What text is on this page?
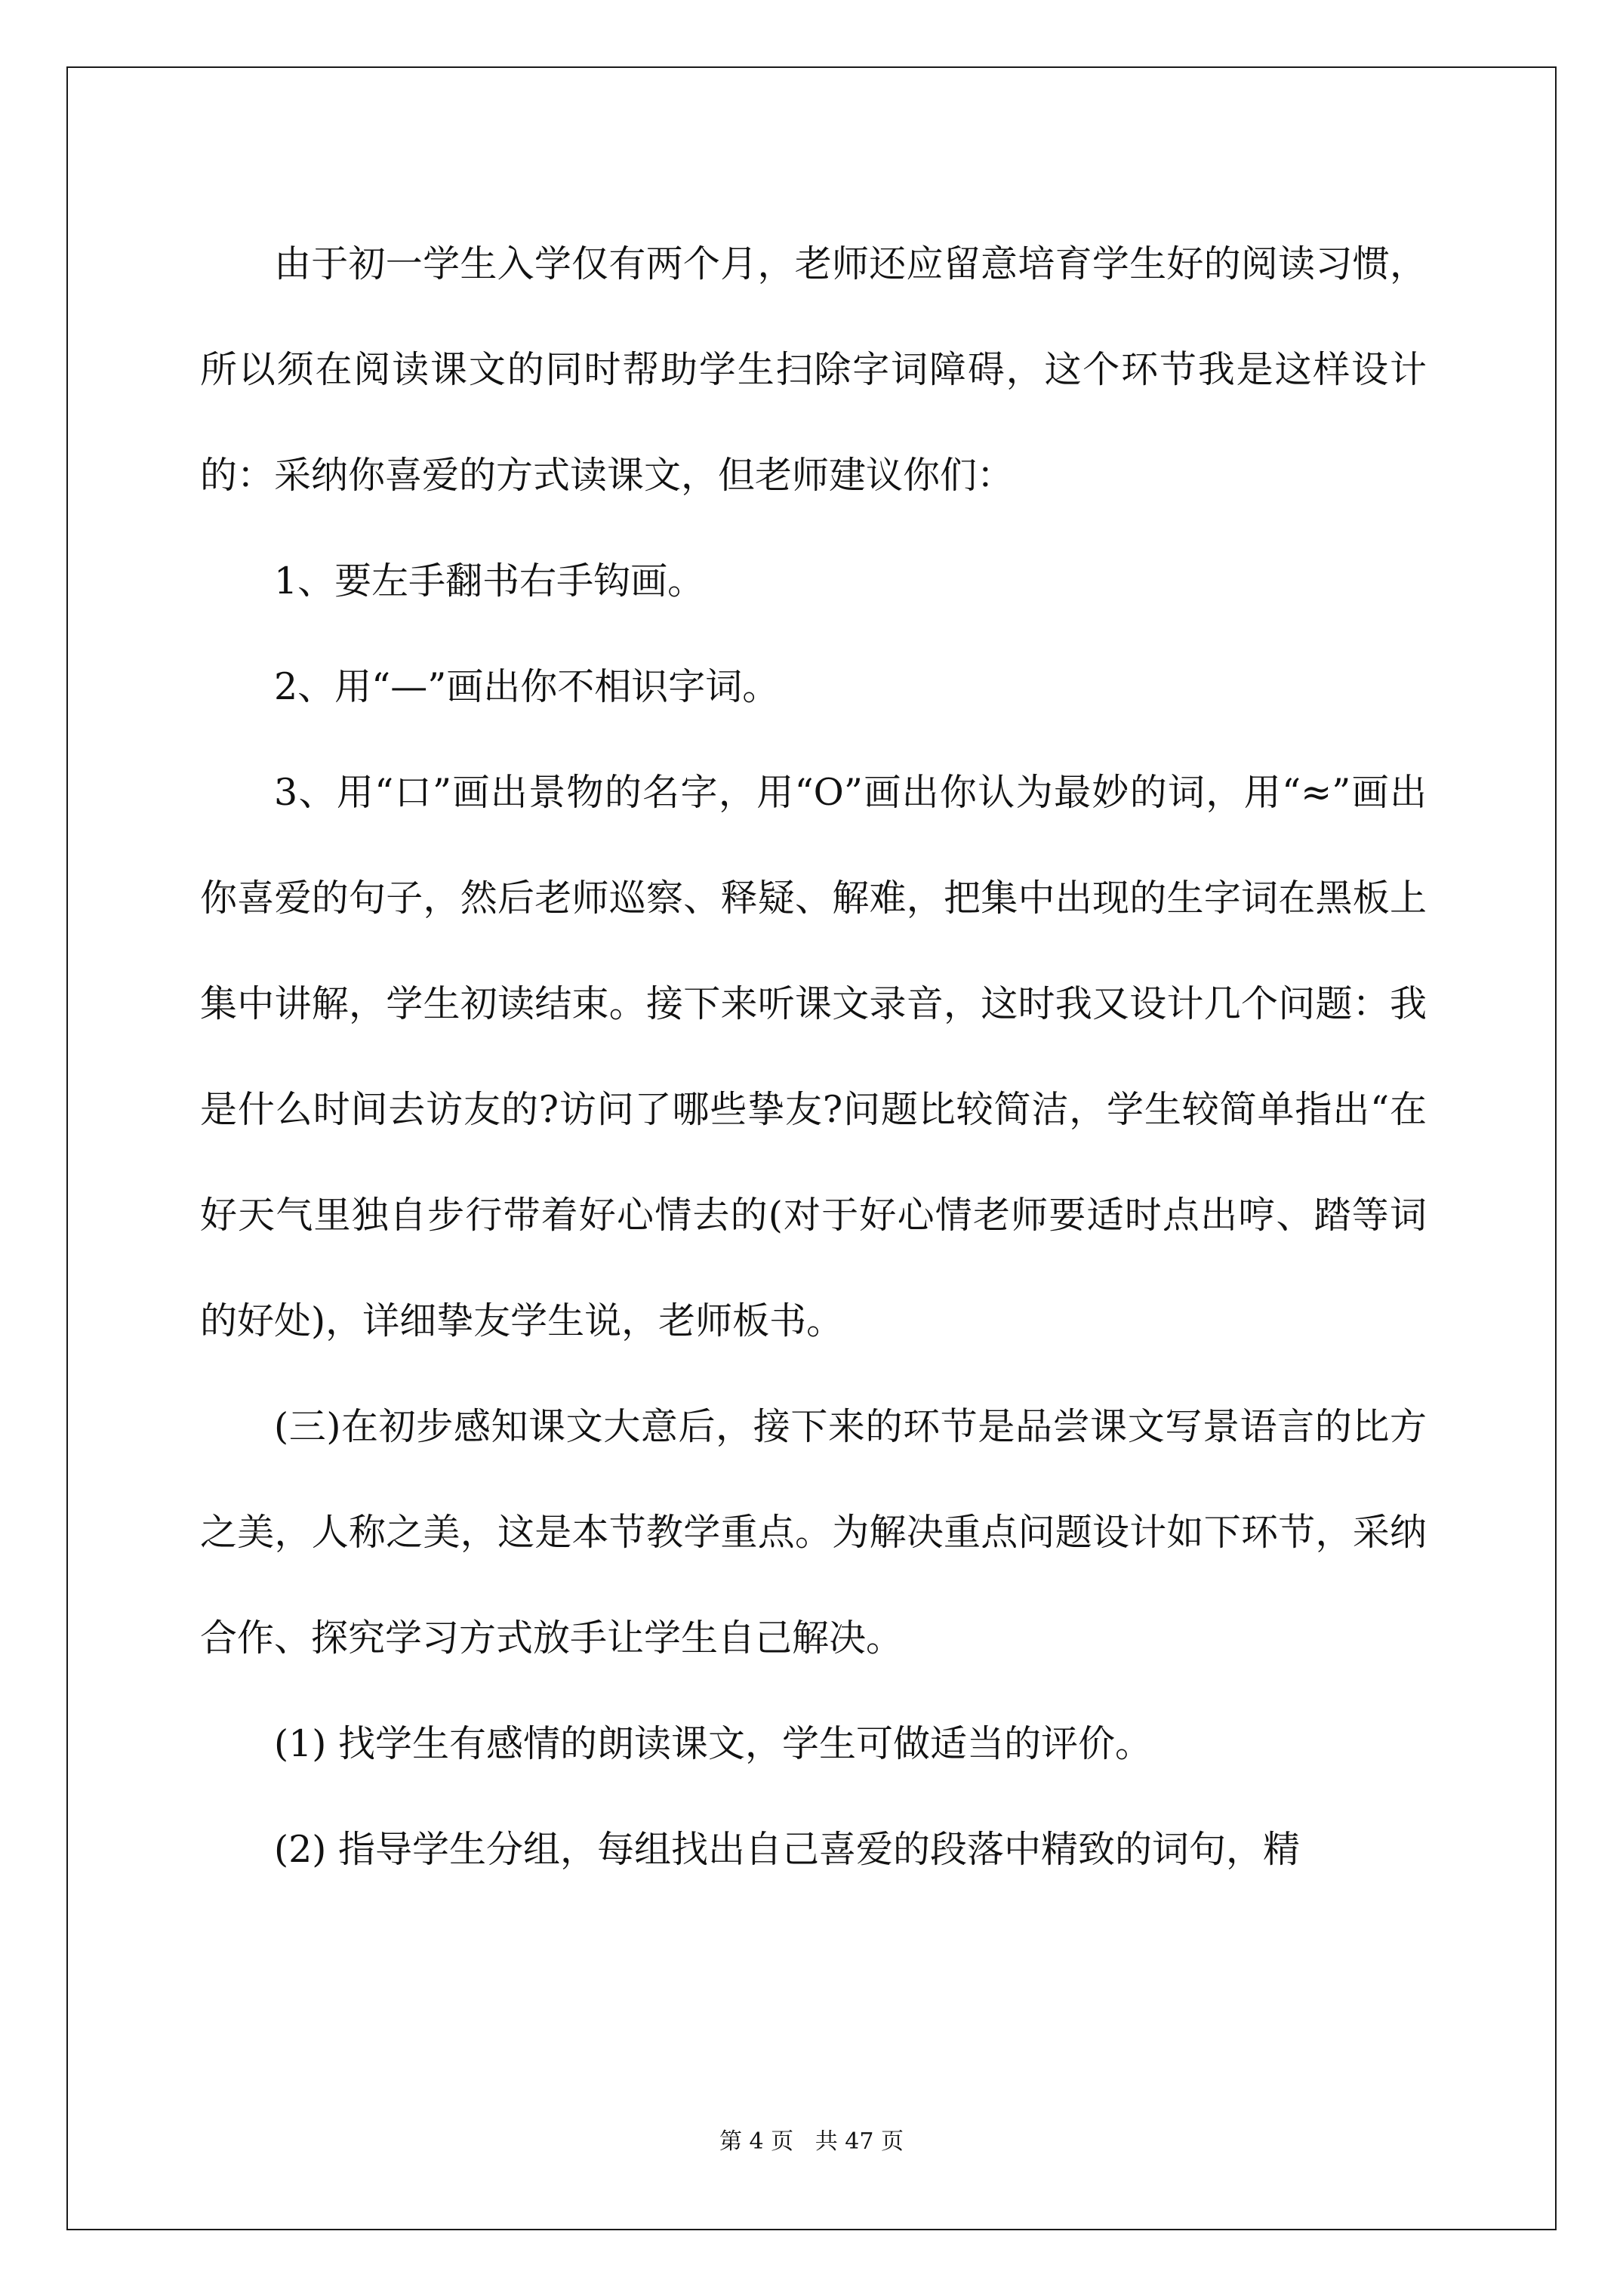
由于初一学生入学仅有两个月，老师还应留意培育学生好的阅读习惯，所以须在阅读课文的同时帮助学生扫除字词障碍，这个环节我是这样设计的：采纳你喜爱的方式读课文，但老师建议你们：

1、要左手翻书右手钩画。

2、用“—”画出你不相识字词。

3、用“口”画出景物的名字，用“O”画出你认为最妙的词，用“≈”画出你喜爱的句子，然后老师巡察、释疑、解难，把集中出现的生字词在黑板上集中讲解，学生初读结束。接下来听课文录音，这时我又设计几个问题：我是什么时间去访友的?访问了哪些挚友?问题比较简洁，学生较简单指出“在好天气里独自步行带着好心情去的(对于好心情老师要适时点出哼、踏等词的好处)，详细挚友学生说，老师板书。

(三)在初步感知课文大意后，接下来的环节是品尝课文写景语言的比方之美，人称之美，这是本节教学重点。为解决重点问题设计如下环节，采纳合作、探究学习方式放手让学生自己解决。

(1) 找学生有感情的朗读课文，学生可做适当的评价。

(2) 指导学生分组，每组找出自己喜爱的段落中精致的词句，精

第 4 页   共 47 页
